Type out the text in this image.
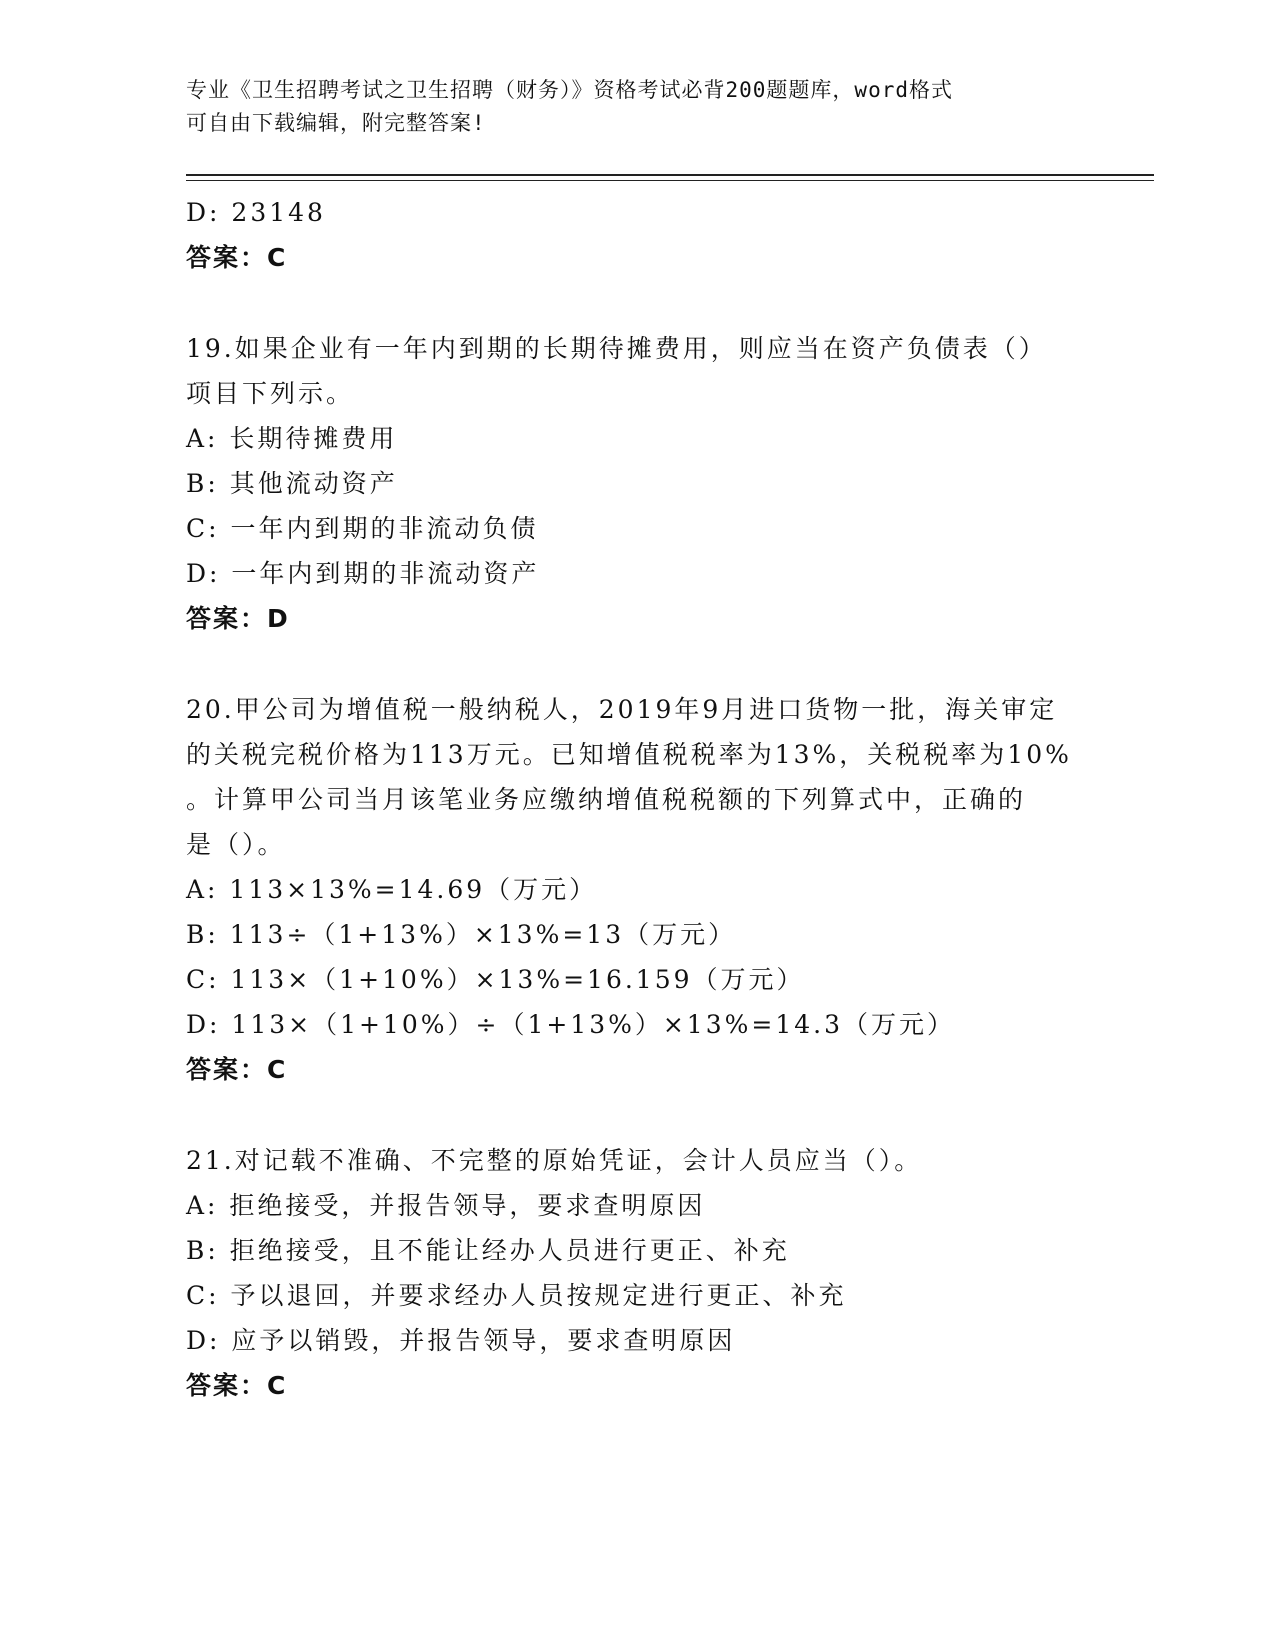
专业《卫生招聘考试之卫生招聘（财务）》资格考试必背200题题库，word格式
可自由下载编辑，附完整答案!
D: 23148
答案：C
19.如果企业有一年内到期的长期待摊费用，则应当在资产负债表（）
项目下列示。
A: 长期待摊费用
B: 其他流动资产
C: 一年内到期的非流动负债
D: 一年内到期的非流动资产
答案：D
20.甲公司为增值税一般纳税人，2019年9月进口货物一批，海关审定
的关税完税价格为113万元。已知增值税税率为13%，关税税率为10%
。计算甲公司当月该笔业务应缴纳增值税税额的下列算式中，正确的
是（）。
A: 113×13%=14.69（万元）
B: 113÷（1+13%）×13%=13（万元）
C: 113×（1+10%）×13%=16.159（万元）
D: 113×（1+10%）÷（1+13%）×13%=14.3（万元）
答案：C
21.对记载不准确、不完整的原始凭证，会计人员应当（）。
A: 拒绝接受，并报告领导，要求查明原因
B: 拒绝接受，且不能让经办人员进行更正、补充
C: 予以退回，并要求经办人员按规定进行更正、补充
D: 应予以销毁，并报告领导，要求查明原因
答案：C
